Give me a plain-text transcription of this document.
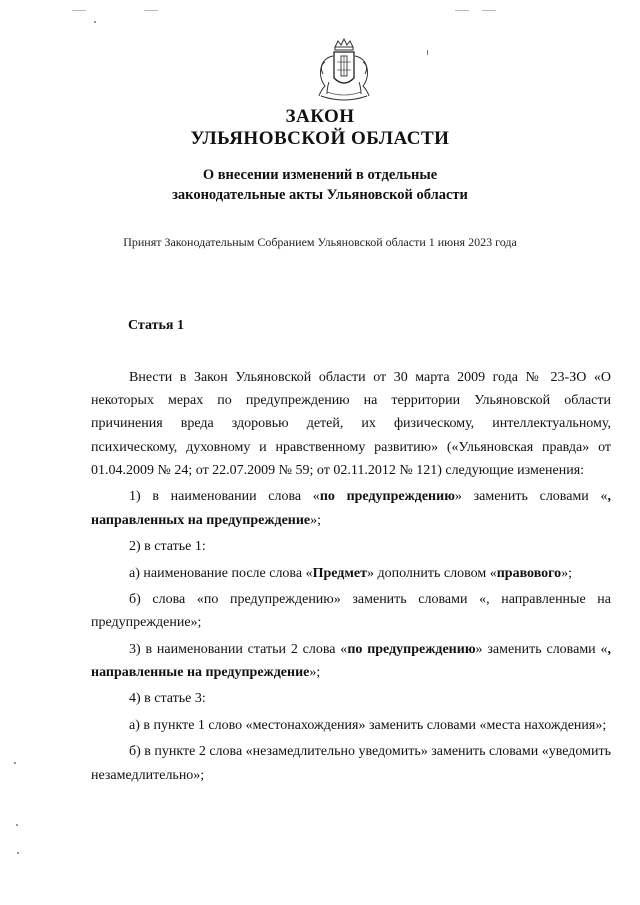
ЗАКОН
УЛЬЯНОВСКОЙ ОБЛАСТИ
О внесении изменений в отдельные
законодательные акты Ульяновской области
Принят Законодательным Собранием Ульяновской области 1 июня 2023 года
Статья 1

Внести в Закон Ульяновской области от 30 марта 2009 года № 23-ЗО «О некоторых мерах по предупреждению на территории Ульяновской области причинения вреда здоровью детей, их физическому, интеллектуальному, психическому, духовному и нравственному развитию» («Ульяновская правда» от 01.04.2009 № 24; от 22.07.2009 № 59; от 02.11.2012 № 121) следующие изменения:

1) в наименовании слова «по предупреждению» заменить словами «, направленных на предупреждение»;

2) в статье 1:

а) наименование после слова «Предмет» дополнить словом «правового»;

б) слова «по предупреждению» заменить словами «, направленные на предупреждение»;

3) в наименовании статьи 2 слова «по предупреждению» заменить словами «, направленные на предупреждение»;

4) в статье 3:

а) в пункте 1 слово «местонахождения» заменить словами «места нахождения»;

б) в пункте 2 слова «незамедлительно уведомить» заменить словами «уведомить незамедлительно»;
